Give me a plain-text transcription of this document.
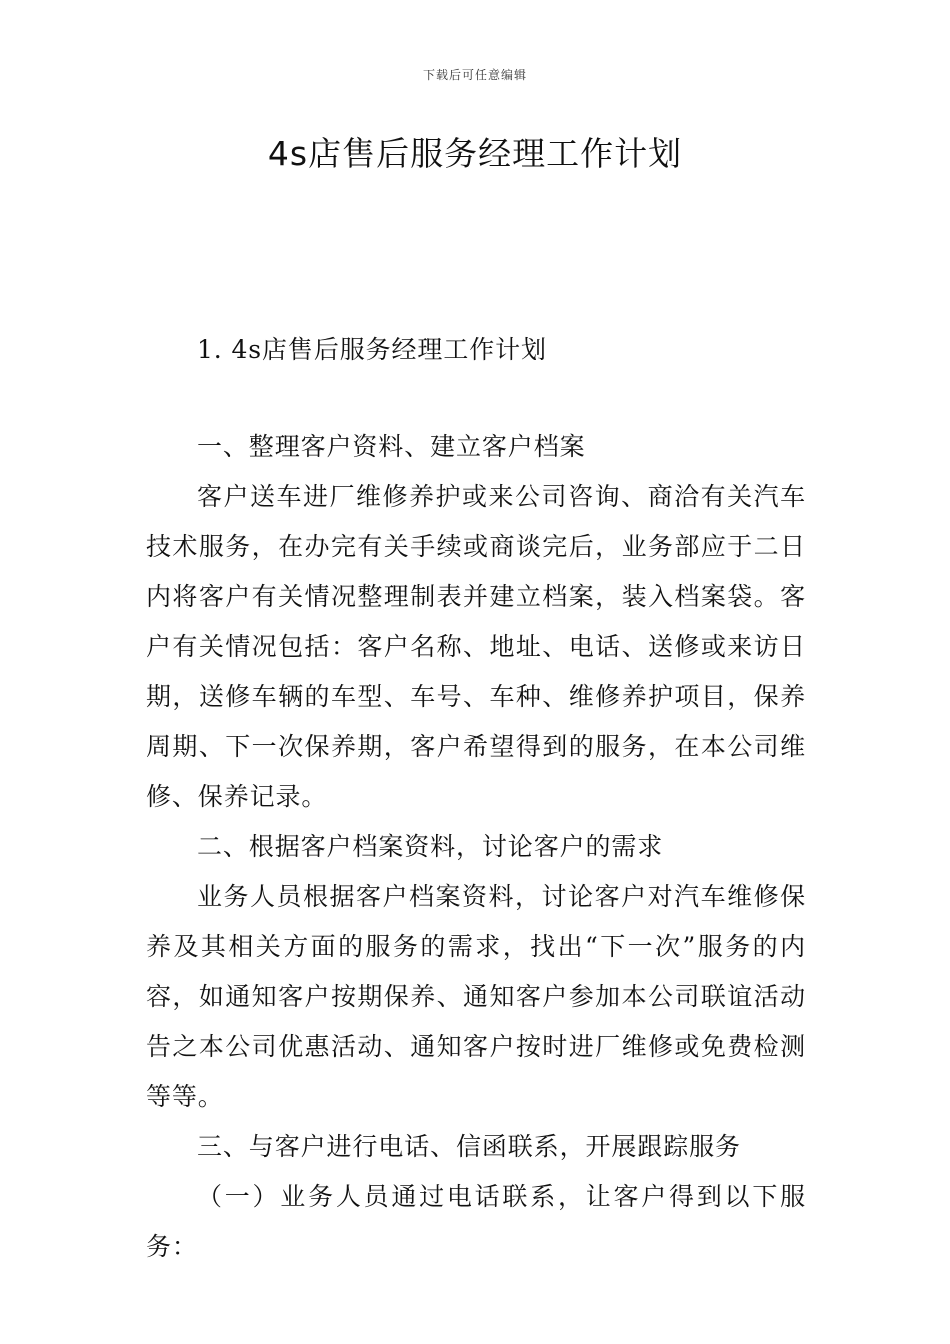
下载后可任意编辑
4s店售后服务经理工作计划
1. 4s店售后服务经理工作计划

一、整理客户资料、建立客户档案

客户送车进厂维修养护或来公司咨询、商洽有关汽车技术服务，在办完有关手续或商谈完后，业务部应于二日内将客户有关情况整理制表并建立档案，装入档案袋。客户有关情况包括：客户名称、地址、电话、送修或来访日期，送修车辆的车型、车号、车种、维修养护项目，保养周期、下一次保养期，客户希望得到的服务，在本公司维修、保养记录。

二、根据客户档案资料，讨论客户的需求

业务人员根据客户档案资料，讨论客户对汽车维修保养及其相关方面的服务的需求，找出“下一次”服务的内容，如通知客户按期保养、通知客户参加本公司联谊活动告之本公司优惠活动、通知客户按时进厂维修或免费检测等等。

三、与客户进行电话、信函联系，开展跟踪服务

（一）业务人员通过电话联系，让客户得到以下服务：
